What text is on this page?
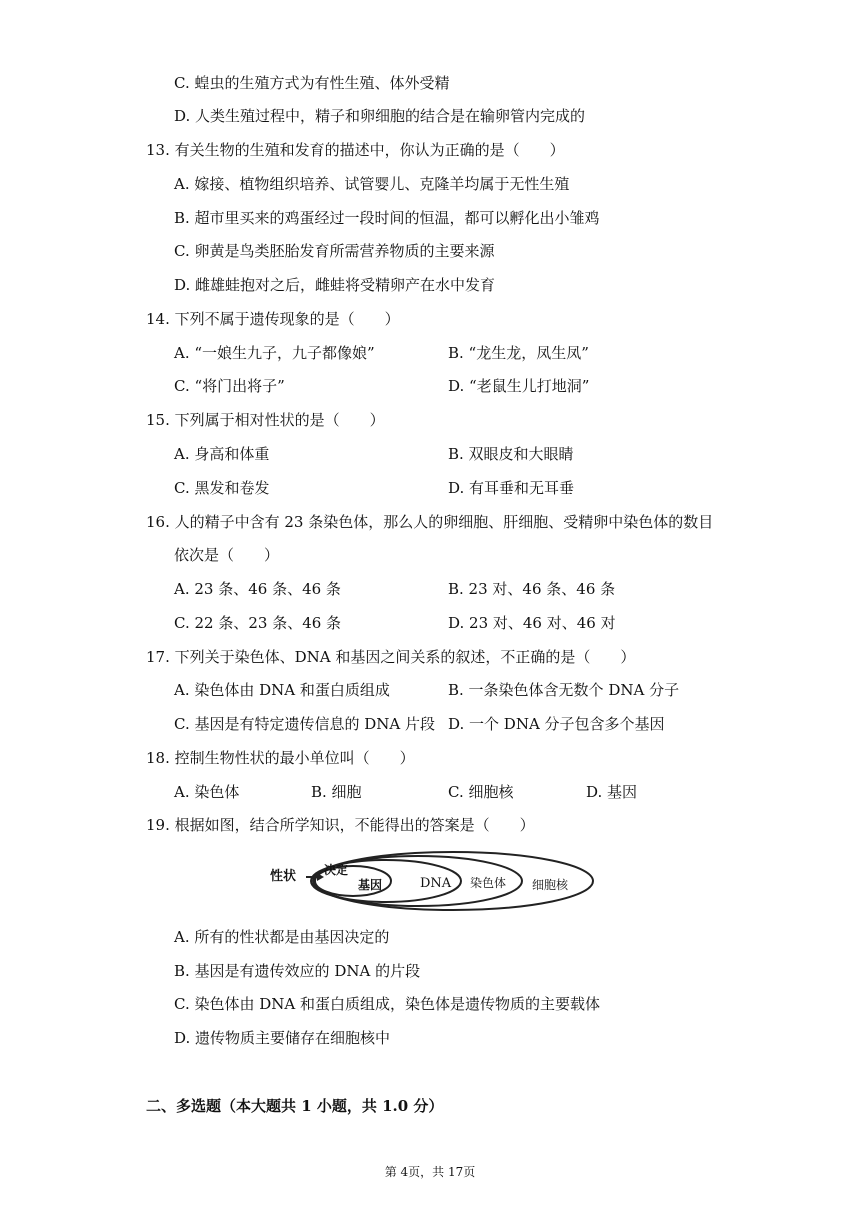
C. 蝗虫的生殖方式为有性生殖、体外受精
D. 人类生殖过程中，精子和卵细胞的结合是在输卵管内完成的
13. 有关生物的生殖和发育的描述中，你认为正确的是（　　）
A. 嫁接、植物组织培养、试管婴儿、克隆羊均属于无性生殖
B. 超市里买来的鸡蛋经过一段时间的恒温，都可以孵化出小雏鸡
C. 卵黄是鸟类胚胎发育所需营养物质的主要来源
D. 雌雄蛙抱对之后，雌蛙将受精卵产在水中发育
14. 下列不属于遗传现象的是（　　）
A. “一娘生九子，九子都像娘”	B. “龙生龙，凤生凤”
C. “将门出将子”	D. “老鼠生儿打地洞”
15. 下列属于相对性状的是（　　）
A. 身高和体重	B. 双眼皮和大眼睛
C. 黑发和卷发	D. 有耳垂和无耳垂
16. 人的精子中含有 23 条染色体，那么人的卵细胞、肝细胞、受精卵中染色体的数目
依次是（　　）
A. 23 条、46 条、46 条	B. 23 对、46 条、46 条
C. 22 条、23 条、46 条	D. 23 对、46 对、46 对
17. 下列关于染色体、DNA 和基因之间关系的叙述，不正确的是（　　）
A. 染色体由 DNA 和蛋白质组成	B. 一条染色体含无数个 DNA 分子
C. 基因是有特定遗传信息的 DNA 片段 D. 一个 DNA 分子包含多个基因
18. 控制生物性状的最小单位叫（　　）
A. 染色体	B. 细胞	C. 细胞核	D. 基因
19. 根据如图，结合所学知识，不能得出的答案是（　　）
性状 决定
基因	DNA 染色体 细胞核
A. 所有的性状都是由基因决定的
B. 基因是有遗传效应的 DNA 的片段
C. 染色体由 DNA 和蛋白质组成，染色体是遗传物质的主要载体
D. 遗传物质主要储存在细胞核中
二、多选题（本大题共 1 小题，共 1.0 分）
第 4页，共 17页
